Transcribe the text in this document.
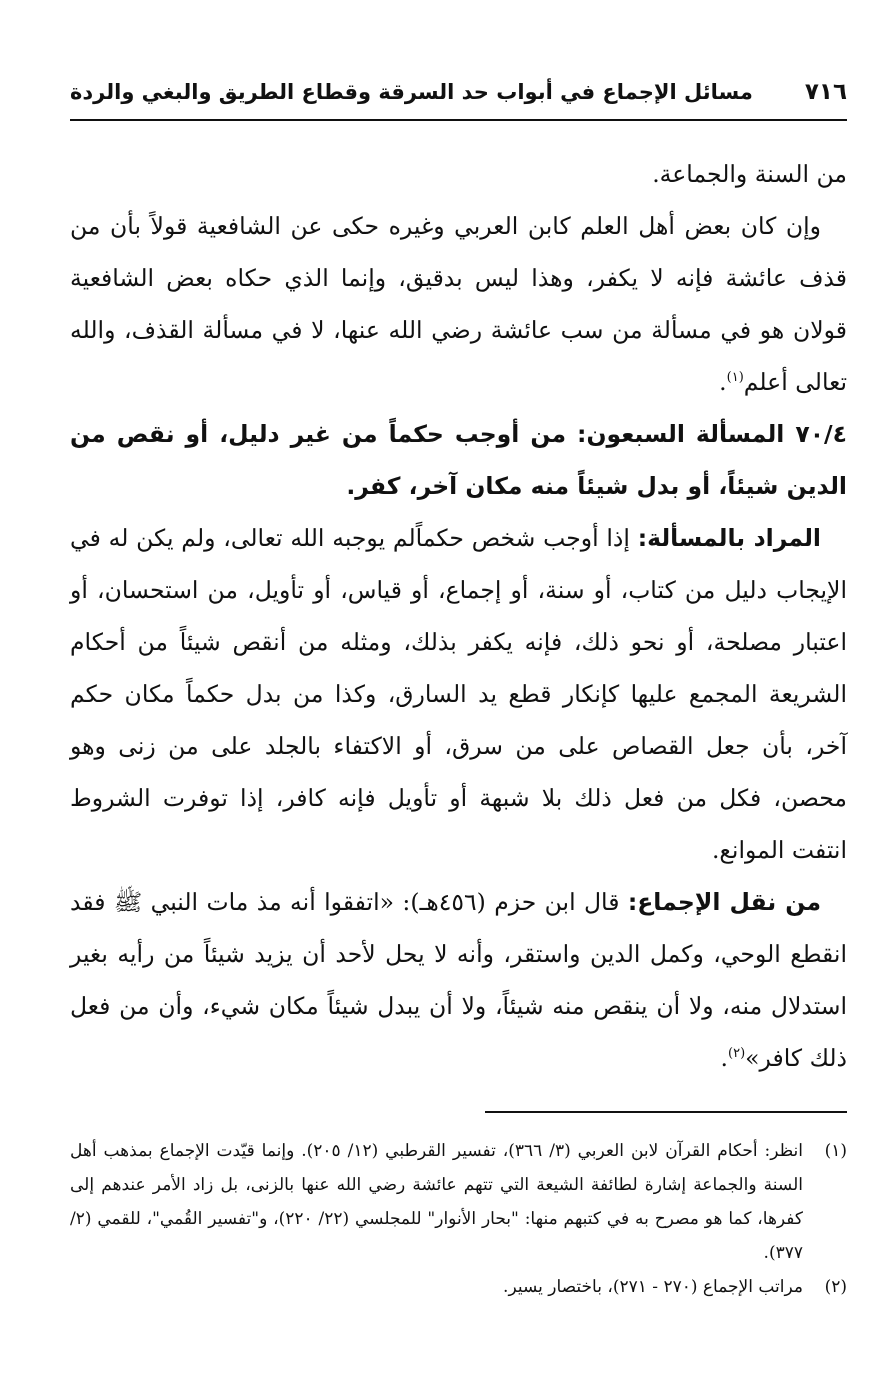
٧١٦
مسائل الإجماع في أبواب حد السرقة وقطاع الطريق والبغي والردة

من السنة والجماعة.

وإن كان بعض أهل العلم كابن العربي وغيره حكى عن الشافعية قولاً بأن من قذف عائشة فإنه لا يكفر، وهذا ليس بدقيق، وإنما الذي حكاه بعض الشافعية قولان هو في مسألة من سب عائشة رضي الله عنها، لا في مسألة القذف، والله تعالى أعلم$^{(١)}$.

٧٠/٤ المسألة السبعون: من أوجب حكماً من غير دليل، أو نقص من الدين شيئاً، أو بدل شيئاً منه مكان آخر، كفر.

المراد بالمسألة: إذا أوجب شخص حكماًلم يوجبه الله تعالى، ولم يكن له في الإيجاب دليل من كتاب، أو سنة، أو إجماع، أو قياس، أو تأويل، من استحسان، أو اعتبار مصلحة، أو نحو ذلك، فإنه يكفر بذلك، ومثله من أنقص شيئاً من أحكام الشريعة المجمع عليها كإنكار قطع يد السارق، وكذا من بدل حكماً مكان حكم آخر، بأن جعل القصاص على من سرق، أو الاكتفاء بالجلد على من زنى وهو محصن، فكل من فعل ذلك بلا شبهة أو تأويل فإنه كافر، إذا توفرت الشروط انتفت الموانع.

من نقل الإجماع: قال ابن حزم (٤٥٦هـ): «اتفقوا أنه مذ مات النبي ﷺ فقد انقطع الوحي، وكمل الدين واستقر، وأنه لا يحل لأحد أن يزيد شيئاً من رأيه بغير استدلال منه، ولا أن ينقص منه شيئاً، ولا أن يبدل شيئاً مكان شيء، وأن من فعل ذلك كافر»$^{(٢)}$.

(١)
انظر: أحكام القرآن لابن العربي (٣/ ٣٦٦)، تفسير القرطبي (١٢/ ٢٠٥). وإنما قيّدت الإجماع بمذهب أهل السنة والجماعة إشارة لطائفة الشيعة التي تتهم عائشة رضي الله عنها بالزنى، بل زاد الأمر عندهم إلى كفرها، كما هو مصرح به في كتبهم منها: "بحار الأنوار" للمجلسي (٢٢/ ٢٢٠)، و"تفسير القُمي"، للقمي (٢/ ٣٧٧).

(٢)
مراتب الإجماع (٢٧٠ - ٢٧١)، باختصار يسير.
